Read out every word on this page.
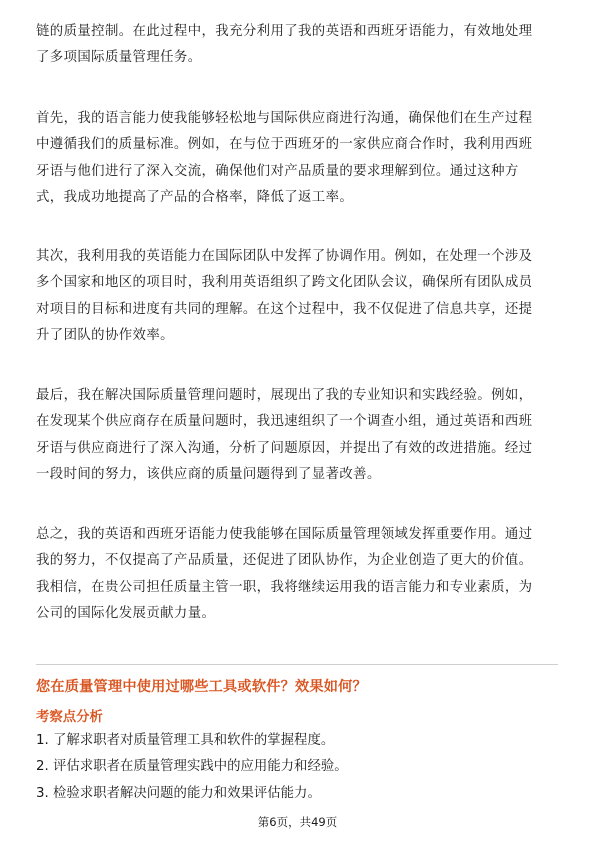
链的质量控制。在此过程中，我充分利用了我的英语和西班牙语能力，有效地处理
了多项国际质量管理任务。

首先，我的语言能力使我能够轻松地与国际供应商进行沟通，确保他们在生产过程
中遵循我们的质量标准。例如，在与位于西班牙的一家供应商合作时，我利用西班
牙语与他们进行了深入交流，确保他们对产品质量的要求理解到位。通过这种方
式，我成功地提高了产品的合格率，降低了返工率。

其次，我利用我的英语能力在国际团队中发挥了协调作用。例如，在处理一个涉及
多个国家和地区的项目时，我利用英语组织了跨文化团队会议，确保所有团队成员
对项目的目标和进度有共同的理解。在这个过程中，我不仅促进了信息共享，还提
升了团队的协作效率。

最后，我在解决国际质量管理问题时，展现出了我的专业知识和实践经验。例如，
在发现某个供应商存在质量问题时，我迅速组织了一个调查小组，通过英语和西班
牙语与供应商进行了深入沟通，分析了问题原因，并提出了有效的改进措施。经过
一段时间的努力，该供应商的质量问题得到了显著改善。

总之，我的英语和西班牙语能力使我能够在国际质量管理领域发挥重要作用。通过
我的努力，不仅提高了产品质量，还促进了团队协作，为企业创造了更大的价值。
我相信，在贵公司担任质量主管一职，我将继续运用我的语言能力和专业素质，为
公司的国际化发展贡献力量。

您在质量管理中使用过哪些工具或软件？效果如何？
考察点分析
1. 了解求职者对质量管理工具和软件的掌握程度。
2. 评估求职者在质量管理实践中的应用能力和经验。
3. 检验求职者解决问题的能力和效果评估能力。
第6页，共49页
